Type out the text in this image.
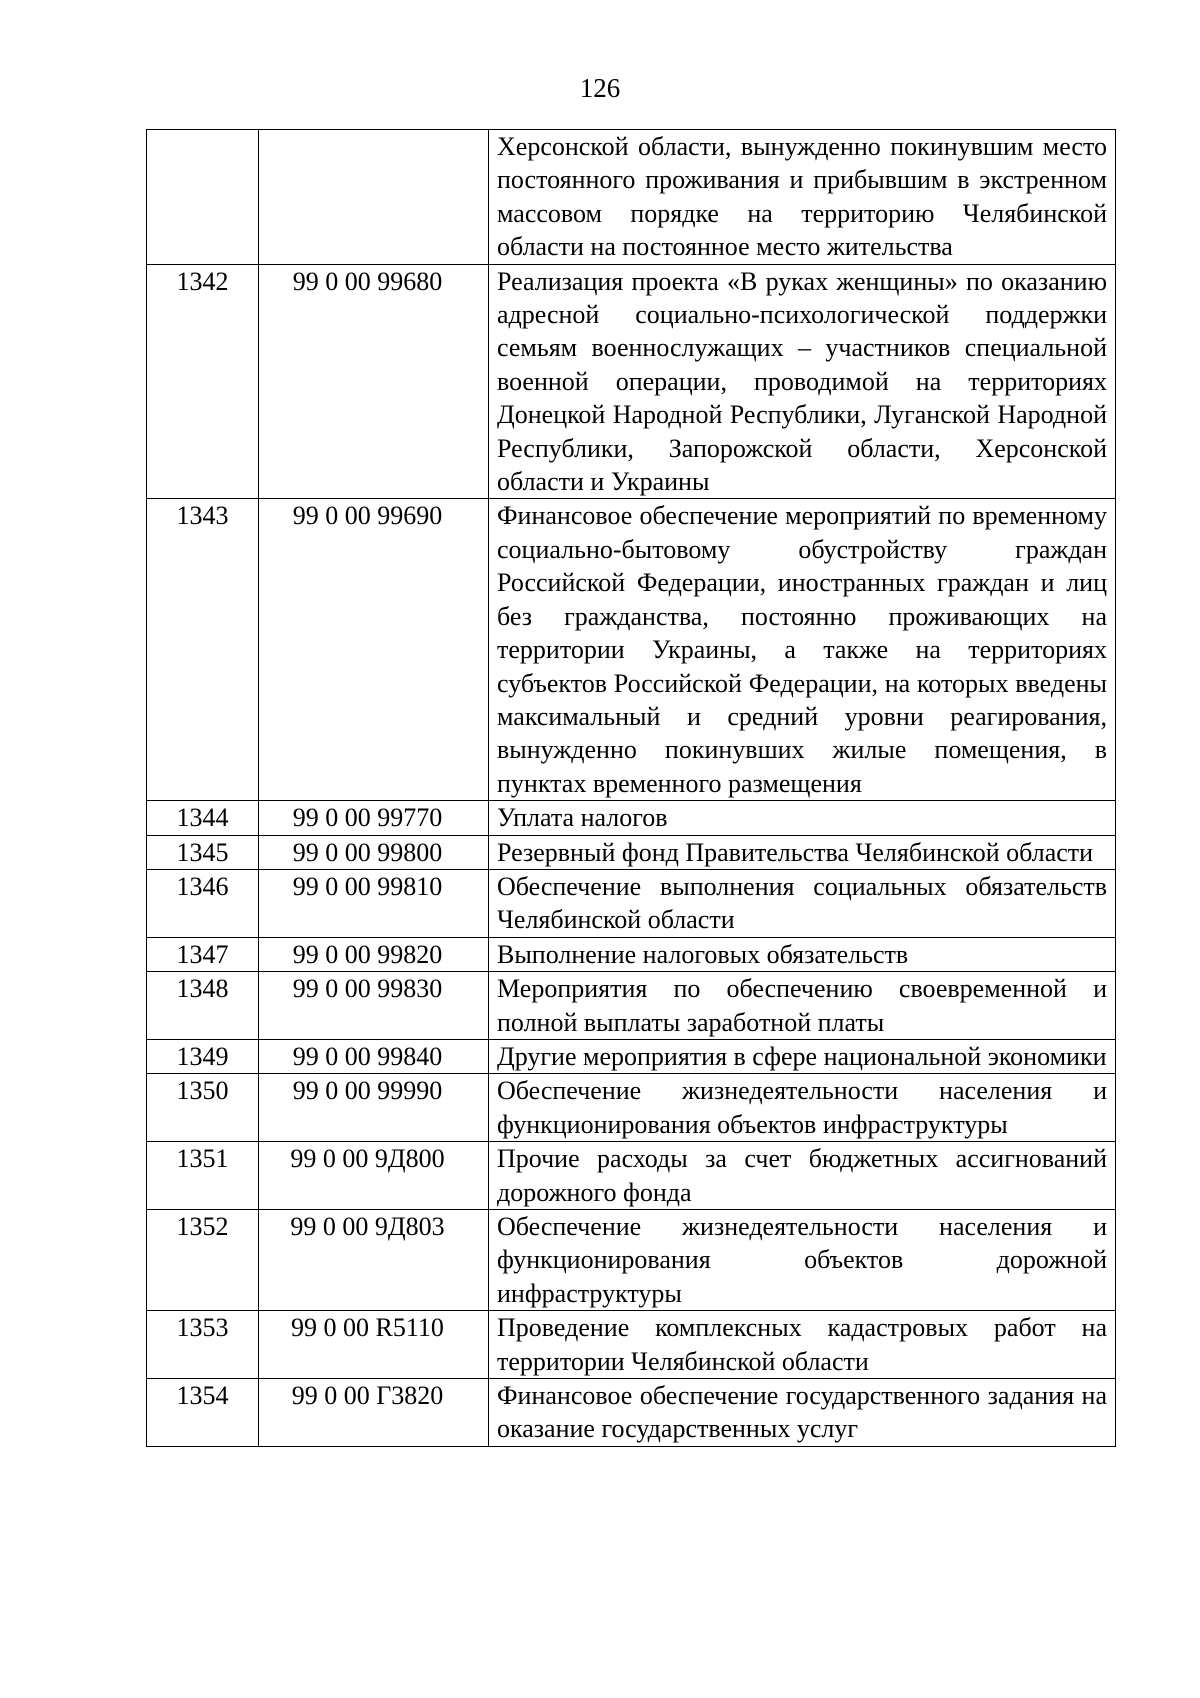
126
		Херсонской области, вынужденно покинувшим место постоянного проживания и прибывшим в экстренном массовом порядке на территорию Челябинской области на постоянное место жительства
1342	99 0 00 99680	Реализация проекта «В руках женщины» по оказанию адресной социально-психологической поддержки семьям военнослужащих – участников специальной военной операции, проводимой на территориях Донецкой Народной Республики, Луганской Народной Республики, Запорожской области, Херсонской области и Украины
1343	99 0 00 99690	Финансовое обеспечение мероприятий по временному социально-бытовому обустройству граждан Российской Федерации, иностранных граждан и лиц без гражданства, постоянно проживающих на территории Украины, а также на территориях субъектов Российской Федерации, на которых введены максимальный и средний уровни реагирования, вынужденно покинувших жилые помещения, в пунктах временного размещения
1344	99 0 00 99770	Уплата налогов
1345	99 0 00 99800	Резервный фонд Правительства Челябинской области
1346	99 0 00 99810	Обеспечение выполнения социальных обязательств Челябинской области
1347	99 0 00 99820	Выполнение налоговых обязательств
1348	99 0 00 99830	Мероприятия по обеспечению своевременной и полной выплаты заработной платы
1349	99 0 00 99840	Другие мероприятия в сфере национальной экономики
1350	99 0 00 99990	Обеспечение жизнедеятельности населения и функционирования объектов инфраструктуры
1351	99 0 00 9Д800	Прочие расходы за счет бюджетных ассигнований дорожного фонда
1352	99 0 00 9Д803	Обеспечение жизнедеятельности населения и функционирования объектов дорожной инфраструктуры
1353	99 0 00 R5110	Проведение комплексных кадастровых работ на территории Челябинской области
1354	99 0 00 Г3820	Финансовое обеспечение государственного задания на оказание государственных услуг
